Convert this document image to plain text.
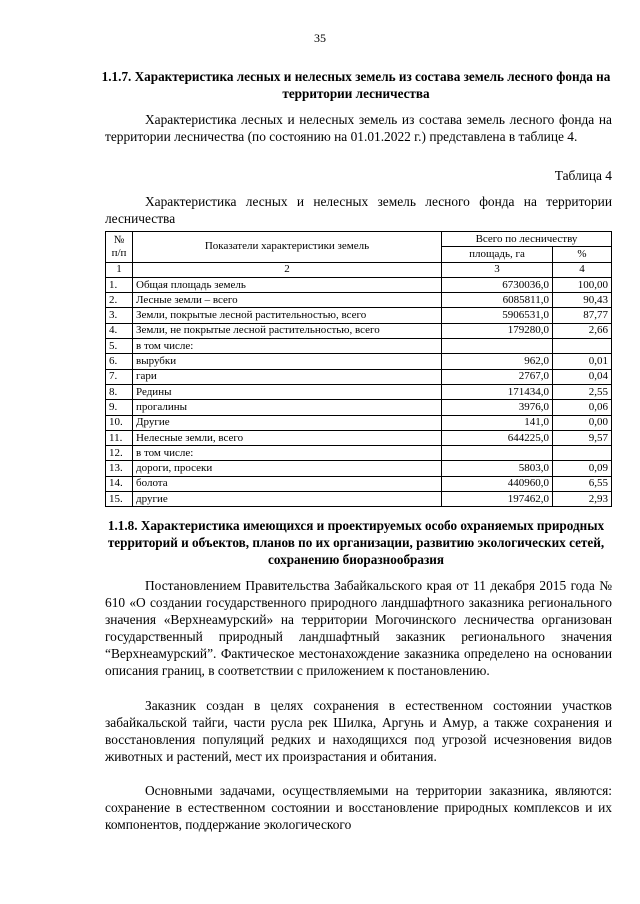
35
1.1.7. Характеристика лесных и нелесных земель из состава земель лесного фонда на территории лесничества

Характеристика лесных и нелесных земель из состава земель лесного фонда на территории лесничества (по состоянию на 01.01.2022 г.) представлена в таблице 4.

Таблица 4

Характеристика лесных и нелесных земель лесного фонда на территории лесничества

№ п/п	Показатели характеристики земель	Всего по лесничеству	
		площадь, га	%
1	2	3	4
1.	Общая площадь земель	6730036,0	100,00
2.	Лесные земли – всего	6085811,0	90,43
3.	Земли, покрытые лесной растительностью, всего	5906531,0	87,77
4.	Земли, не покрытые лесной растительностью, всего	179280,0	2,66
5.	в том числе:		
6.	вырубки	962,0	0,01
7.	гари	2767,0	0,04
8.	Редины	171434,0	2,55
9.	прогалины	3976,0	0,06
10.	Другие	141,0	0,00
11.	Нелесные земли, всего	644225,0	9,57
12.	в том числе:		
13.	дороги, просеки	5803,0	0,09
14.	болота	440960,0	6,55
15.	другие	197462,0	2,93
1.1.8. Характеристика имеющихся и проектируемых особо охраняемых природных территорий и объектов, планов по их организации, развитию экологических сетей, сохранению биоразнообразия

Постановлением Правительства Забайкальского края от 11 декабря 2015 года № 610 «О создании государственного природного ландшафтного заказника регионального значения «Верхнеамурский» на территории Могочинского лесничества организован государственный природный ландшафтный заказник регионального значения “Верхнеамурский”. Фактическое местонахождение заказника определено на основании описания границ, в соответствии с приложением к постановлению.

Заказник создан в целях сохранения в естественном состоянии участков забайкальской тайги, части русла рек Шилка, Аргунь и Амур, а также сохранения и восстановления популяций редких и находящихся под угрозой исчезновения видов животных и растений, мест их произрастания и обитания.

Основными задачами, осуществляемыми на территории заказника, являются: сохранение в естественном состоянии и восстановление природных комплексов и их компонентов, поддержание экологического
